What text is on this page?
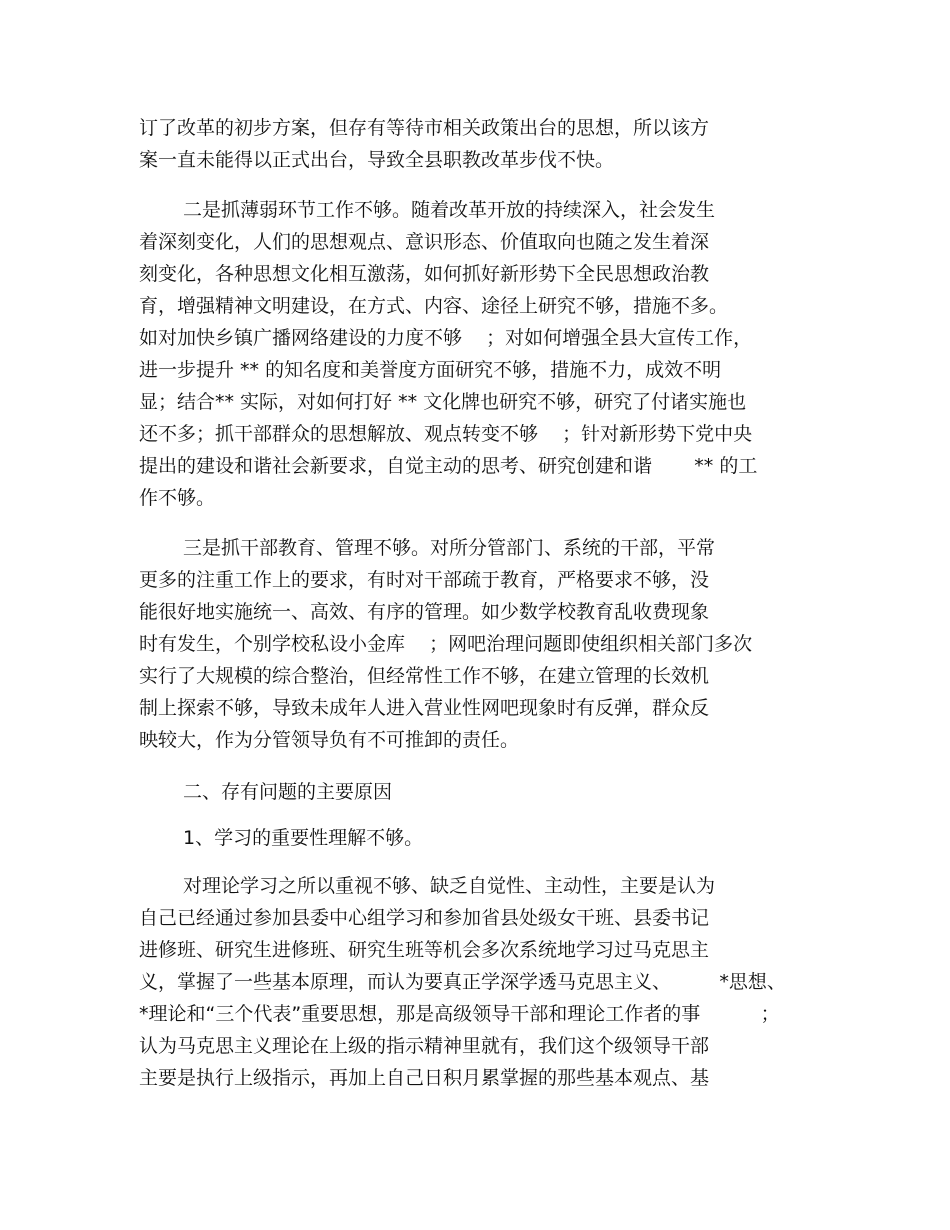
订了改革的初步方案，但存有等待市相关政策出台的思想，所以该方

案一直未能得以正式出台，导致全县职教改革步伐不快。

二是抓薄弱环节工作不够。随着改革开放的持续深入，社会发生

着深刻变化，人们的思想观点、意识形态、价值取向也随之发生着深

刻变化，各种思想文化相互激荡，如何抓好新形势下全民思想政治教

育，增强精神文明建设，在方式、内容、途径上研究不够，措施不多。

如对加快乡镇广播网络建设的力度不够    ；对如何增强全县大宣传工作，

进一步提升 ** 的知名度和美誉度方面研究不够，措施不力，成效不明

显；结合** 实际，对如何打好 ** 文化牌也研究不够，研究了付诸实施也

还不多；抓干部群众的思想解放、观点转变不够    ；针对新形势下党中央

提出的建设和谐社会新要求，自觉主动的思考、研究创建和谐       ** 的工

作不够。

三是抓干部教育、管理不够。对所分管部门、系统的干部，平常

更多的注重工作上的要求，有时对干部疏于教育，严格要求不够，没

能很好地实施统一、高效、有序的管理。如少数学校教育乱收费现象

时有发生，个别学校私设小金库    ；网吧治理问题即使组织相关部门多次

实行了大规模的综合整治，但经常性工作不够，在建立管理的长效机

制上探索不够，导致未成年人进入营业性网吧现象时有反弹，群众反

映较大，作为分管领导负有不可推卸的责任。

二、存有问题的主要原因

1、学习的重要性理解不够。

对理论学习之所以重视不够、缺乏自觉性、主动性，主要是认为

自己已经通过参加县委中心组学习和参加省县处级女干班、县委书记

进修班、研究生进修班、研究生班等机会多次系统地学习过马克思主

义，掌握了一些基本原理，而认为要真正学深学透马克思主义、        *思想、

*理论和“三个代表”重要思想，那是高级领导干部和理论工作者的事          ；

认为马克思主义理论在上级的指示精神里就有，我们这个级领导干部

主要是执行上级指示，再加上自己日积月累掌握的那些基本观点、基
